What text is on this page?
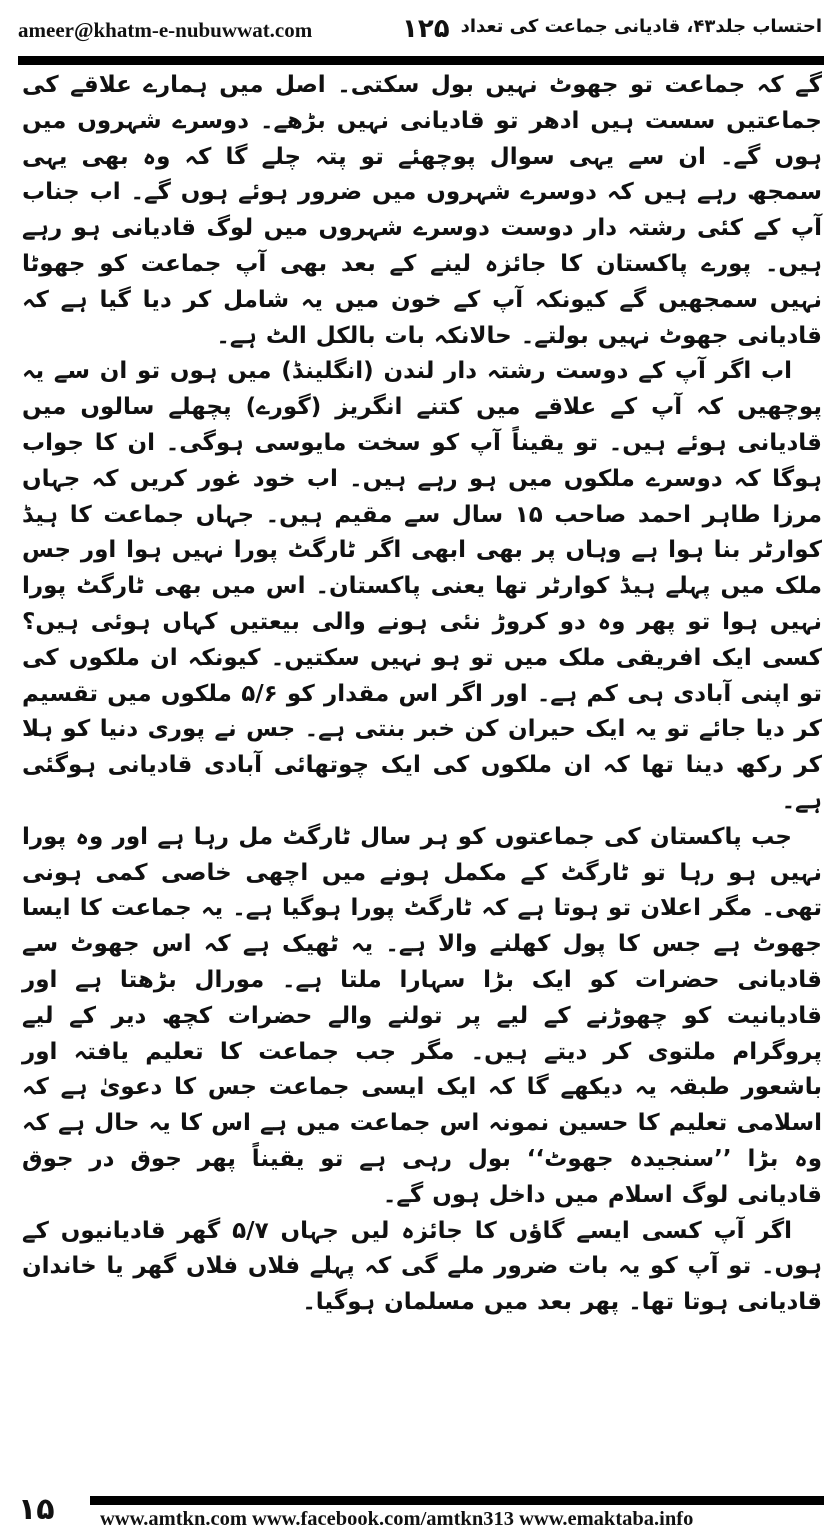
ameer@khatm-e-nubuwwat.com	۱۲۵ احتساب جلد۴۳، قادیانی جماعت کی تعداد

گے کہ جماعت تو جھوٹ نہیں بول سکتی۔ اصل میں ہمارے علاقے کی جماعتیں سست ہیں ادھر تو قادیانی نہیں بڑھے۔ دوسرے شہروں میں ہوں گے۔ ان سے یہی سوال پوچھئے تو پتہ چلے گا کہ وہ بھی یہی سمجھ رہے ہیں کہ دوسرے شہروں میں ضرور ہوئے ہوں گے۔ اب جناب آپ کے کئی رشتہ دار دوست دوسرے شہروں میں لوگ قادیانی ہو رہے ہیں۔ پورے پاکستان کا جائزہ لینے کے بعد بھی آپ جماعت کو جھوٹا نہیں سمجھیں گے کیونکہ آپ کے خون میں یہ شامل کر دیا گیا ہے کہ قادیانی جھوٹ نہیں بولتے۔ حالانکہ بات بالکل الٹ ہے۔

اب اگر آپ کے دوست رشتہ دار لندن (انگلینڈ) میں ہوں تو ان سے یہ پوچھیں کہ آپ کے علاقے میں کتنے انگریز (گورے) پچھلے سالوں میں قادیانی ہوئے ہیں۔ تو یقیناً آپ کو سخت مایوسی ہوگی۔ ان کا جواب ہوگا کہ دوسرے ملکوں میں ہو رہے ہیں۔ اب خود غور کریں کہ جہاں مرزا طاہر احمد صاحب ۱۵ سال سے مقیم ہیں۔ جہاں جماعت کا ہیڈ کوارٹر بنا ہوا ہے وہاں پر بھی ابھی اگر ٹارگٹ پورا نہیں ہوا اور جس ملک میں پہلے ہیڈ کوارٹر تھا یعنی پاکستان۔ اس میں بھی ٹارگٹ پورا نہیں ہوا تو پھر وہ دو کروڑ نئی ہونے والی بیعتیں کہاں ہوئی ہیں؟ کسی ایک افریقی ملک میں تو ہو نہیں سکتیں۔ کیونکہ ان ملکوں کی تو اپنی آبادی ہی کم ہے۔ اور اگر اس مقدار کو ۵/۶ ملکوں میں تقسیم کر دیا جائے تو یہ ایک حیران کن خبر بنتی ہے۔ جس نے پوری دنیا کو ہلا کر رکھ دینا تھا کہ ان ملکوں کی ایک چوتھائی آبادی قادیانی ہوگئی ہے۔

جب پاکستان کی جماعتوں کو ہر سال ٹارگٹ مل رہا ہے اور وہ پورا نہیں ہو رہا تو ٹارگٹ کے مکمل ہونے میں اچھی خاصی کمی ہونی تھی۔ مگر اعلان تو ہوتا ہے کہ ٹارگٹ پورا ہوگیا ہے۔ یہ جماعت کا ایسا جھوٹ ہے جس کا پول کھلنے والا ہے۔ یہ ٹھیک ہے کہ اس جھوٹ سے قادیانی حضرات کو ایک بڑا سہارا ملتا ہے۔ مورال بڑھتا ہے اور قادیانیت کو چھوڑنے کے لیے پر تولنے والے حضرات کچھ دیر کے لیے پروگرام ملتوی کر دیتے ہیں۔ مگر جب جماعت کا تعلیم یافتہ اور باشعور طبقہ یہ دیکھے گا کہ ایک ایسی جماعت جس کا دعویٰ ہے کہ اسلامی تعلیم کا حسین نمونہ اس جماعت میں ہے اس کا یہ حال ہے کہ وہ بڑا ’’سنجیدہ جھوٹ‘‘ بول رہی ہے تو یقیناً پھر جوق در جوق قادیانی لوگ اسلام میں داخل ہوں گے۔

اگر آپ کسی ایسے گاؤں کا جائزہ لیں جہاں ۵/۷ گھر قادیانیوں کے ہوں۔ تو آپ کو یہ بات ضرور ملے گی کہ پہلے فلاں فلاں گھر یا خاندان قادیانی ہوتا تھا۔ پھر بعد میں مسلمان ہوگیا۔

۱۵	www.amtkn.com www.facebook.com/amtkn313 www.emaktaba.info
